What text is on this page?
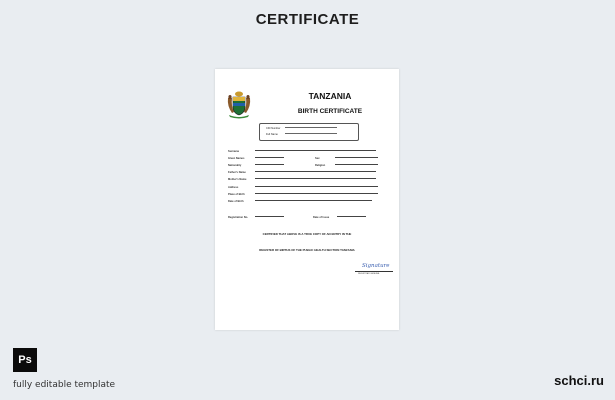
CERTIFICATE
TANZANIA
BIRTH CERTIFICATE
CID Number
Full Name
Surname
Given Names	Sex
Nationality	Religion
Father's Name
Mother's Name
Address
Place of Birth
Date of Birth
Registration No.	Date of Issue
CERTIFIED THAT ABOVE IS A TRUE COPY OF AN ENTRY IN THE
REGISTER OF BIRTHS OF THE PUBLIC HEALTH SECTION TANZANIA
Signature
REGISTRAR GENERAL
Ps
fully editable template	schci.ru
